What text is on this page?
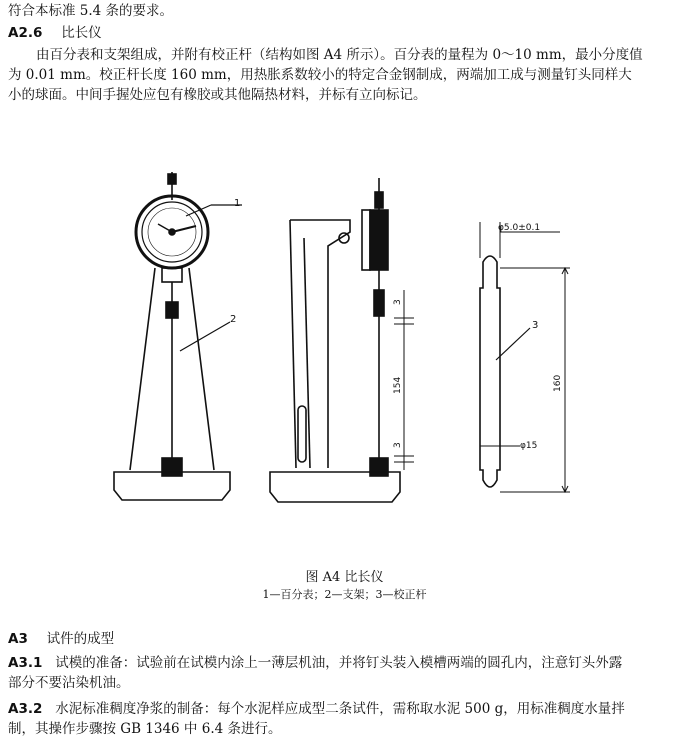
符合本标准 5.4 条的要求。
A2.6 比长仪
由百分表和支架组成，并附有校正杆（结构如图 A4 所示）。百分表的量程为 0～10 mm，最小分度值
为 0.01 mm。校正杆长度 160 mm，用热胀系数较小的特定合金钢制成，两端加工成与测量钉头同样大
小的球面。中间手握处应包有橡胶或其他隔热材料，并标有立向标记。
1
2
3
154
3
φ5.0±0.1
φ15
3
160
图 A4 比长仪
1—百分表；2—支架；3—校正杆
A3 试件的成型
A3.1 试模的准备：试验前在试模内涂上一薄层机油，并将钉头装入模槽两端的圆孔内，注意钉头外露
部分不要沾染机油。
A3.2 水泥标准稠度净浆的制备：每个水泥样应成型二条试件，需称取水泥 500 g，用标准稠度水量拌
制，其操作步骤按 GB 1346 中 6.4 条进行。
